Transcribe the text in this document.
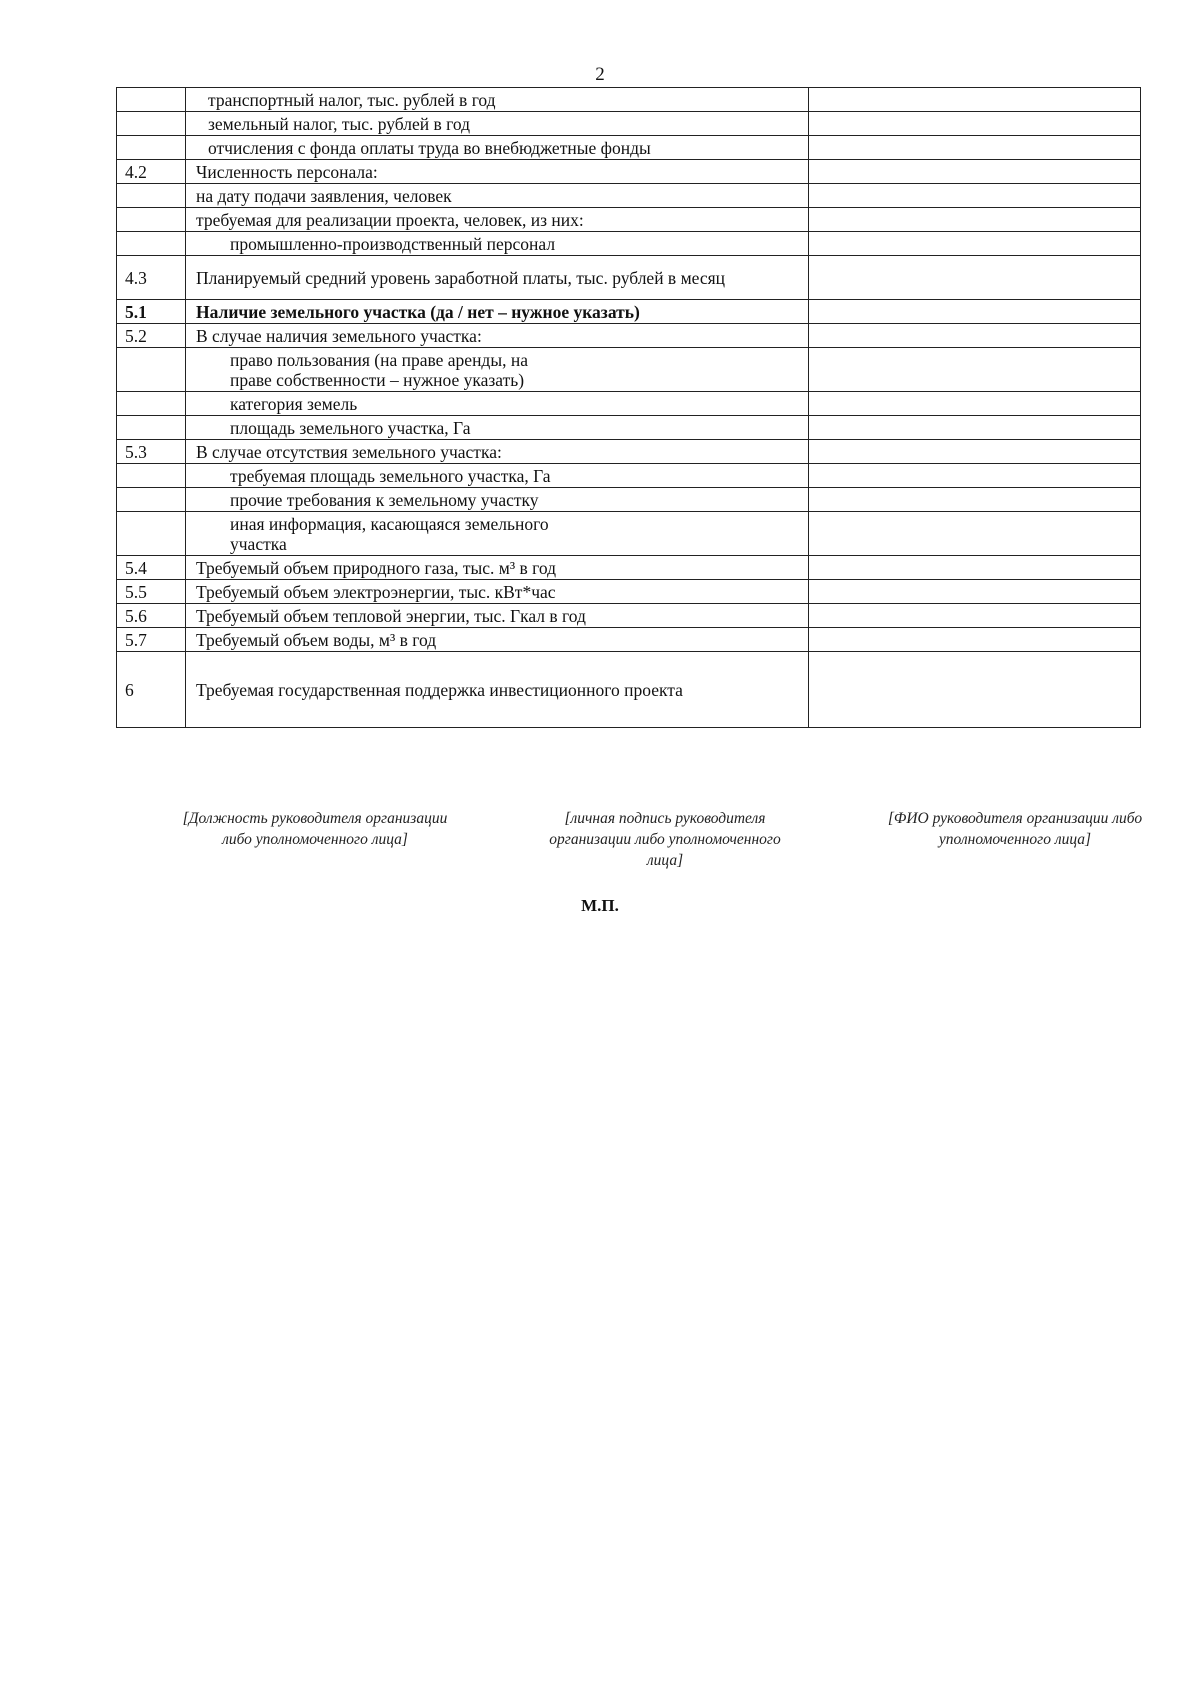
2
	транспортный налог, тыс. рублей в год	
	земельный налог, тыс. рублей в год	
	отчисления с фонда оплаты труда во внебюджетные фонды	
4.2	Численность персонала:	
	на дату подачи заявления, человек	
	требуемая для реализации проекта, человек, из них:	
	промышленно-производственный персонал	
4.3	Планируемый средний уровень заработной платы, тыс. рублей в месяц	
5.1	Наличие земельного участка (да / нет – нужное указать)	
5.2	В случае наличия земельного участка:	
	право пользования (на праве аренды, на
праве собственности – нужное указать)	
	категория земель	
	площадь земельного участка, Га	
5.3	В случае отсутствия земельного участка:	
	требуемая площадь земельного участка, Га	
	прочие требования к земельному участку	
	иная информация, касающаяся земельного
участка	
5.4	Требуемый объем природного газа, тыс. м³ в год	
5.5	Требуемый объем электроэнергии, тыс. кВт*час	
5.6	Требуемый объем тепловой энергии, тыс. Гкал в год	
5.7	Требуемый объем воды, м³ в год	
6	Требуемая государственная поддержка инвестиционного проекта	
[Должность руководителя организации
либо уполномоченного лица]
[личная подпись руководителя
организации либо уполномоченного
лица]
[ФИО руководителя организации либо
уполномоченного лица]
М.П.
